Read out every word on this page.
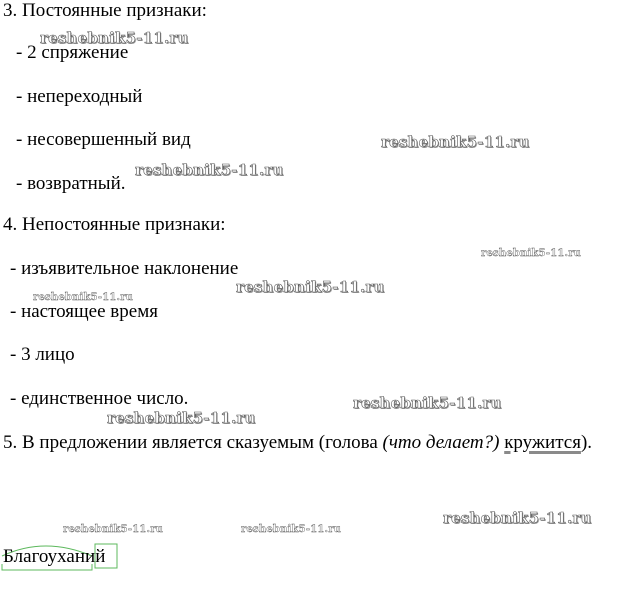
3. Постоянные признаки:
- 2 спряжение
- непереходный
- несовершенный вид
- возвратный.
4. Непостоянные признаки:
- изъявительное наклонение
- настоящее время
- 3 лицо
- единственное число.
5. В предложении является сказуемым (голова (что делает?) кружится).
Благоуханий
reshebnik5-11.ru
reshebnik5-11.ru
reshebnik5-11.ru
reshebnik5-11.ru
reshebnik5-11.ru
reshebnik5-11.ru
reshebnik5-11.ru
reshebnik5-11.ru
reshebnik5-11.ru
reshebnik5-11.ru	reshebnik5-11.ru
